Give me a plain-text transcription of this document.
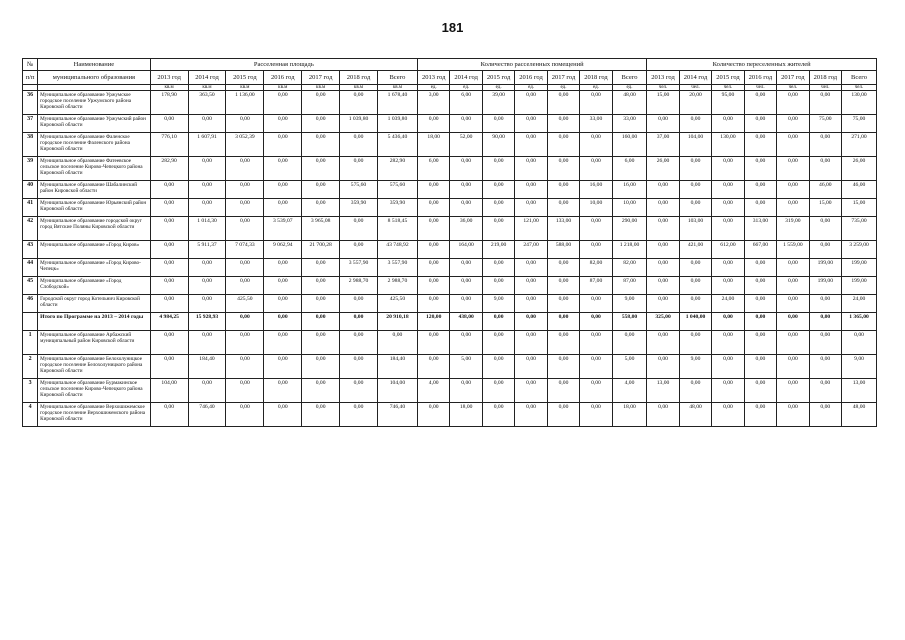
181
№	Наименование	Расселенная площадь							Количество расселенных помещений							Количество переселенных жителей						
п/п	муниципального образования	2013 год	2014 год	2015 год	2016 год	2017 год	2018 год	Всего	2013 год	2014 год	2015 год	2016 год	2017 год	2018 год	Всего	2013 год	2014 год	2015 год	2016 год	2017 год	2018 год	Всего
		кв.м	кв.м	кв.м	кв.м	кв.м	кв.м	кв.м	ед.	ед.	ед.	ед.	ед.	ед.	ед.	чел.	чел.	чел.	чел.	чел.	чел.	чел.
36	Муниципальное образование Уржумское городское поселение Уржумского района Кировской области	178,90	363,50	1 136,00	0,00	0,00	0,00	1 678,40	3,00	6,00	39,00	0,00	0,00	0,00	48,00	15,00	20,00	95,00	0,00	0,00	0,00	130,00
37	Муниципальное образование Уржумский район Кировской области	0,00	0,00	0,00	0,00	0,00	1 039,80	1 039,80	0,00	0,00	0,00	0,00	0,00	33,00	33,00	0,00	0,00	0,00	0,00	0,00	75,00	75,00
38	Муниципальное образование Фаленское городское поселение Фаленского района Кировской области	776,10	1 607,91	3 052,39	0,00	0,00	0,00	5 436,40	18,00	52,00	90,00	0,00	0,00	0,00	160,00	37,00	104,00	130,00	0,00	0,00	0,00	271,00
39	Муниципальное образование Фатеевское сельское поселение Кирово-Чепецкого района Кировской области	282,90	0,00	0,00	0,00	0,00	0,00	282,90	6,00	0,00	0,00	0,00	0,00	0,00	6,00	26,00	0,00	0,00	0,00	0,00	0,00	26,00
40	Муниципальное образование Шабалинский район Кировской области	0,00	0,00	0,00	0,00	0,00	575,60	575,60	0,00	0,00	0,00	0,00	0,00	16,00	16,00	0,00	0,00	0,00	0,00	0,00	46,00	46,00
41	Муниципальное образование Юрьянский район Кировской области	0,00	0,00	0,00	0,00	0,00	359,90	359,90	0,00	0,00	0,00	0,00	0,00	10,00	10,00	0,00	0,00	0,00	0,00	0,00	15,00	15,00
42	Муниципальное образование городской округ город Вятские Поляны Кировской области	0,00	1 014,30	0,00	3 539,07	3 965,08	0,00	8 518,45	0,00	36,00	0,00	121,00	133,00	0,00	290,00	0,00	103,00	0,00	313,00	319,00	0,00	735,00
43	Муниципальное образование «Город Киров»	0,00	5 911,37	7 074,33	9 062,94	21 700,28	0,00	43 748,92	0,00	164,00	219,00	247,00	588,00	0,00	1 218,00	0,00	421,00	612,00	667,00	1 559,00	0,00	3 259,00
44	Муниципальное образование «Город Кирово-Чепецк»	0,00	0,00	0,00	0,00	0,00	3 557,90	3 557,90	0,00	0,00	0,00	0,00	0,00	82,00	82,00	0,00	0,00	0,00	0,00	0,00	199,00	199,00
45	Муниципальное образование «Город Слободской»	0,00	0,00	0,00	0,00	0,00	2 988,70	2 988,70	0,00	0,00	0,00	0,00	0,00	87,00	87,00	0,00	0,00	0,00	0,00	0,00	199,00	199,00
46	Городской округ город Котельнич Кировской области	0,00	0,00	425,50	0,00	0,00	0,00	425,50	0,00	0,00	9,00	0,00	0,00	0,00	9,00	0,00	0,00	24,00	0,00	0,00	0,00	24,00
	Итого по Программе на 2013 – 2014 годы	4 984,25	15 928,93	0,00	0,00	0,00	0,00	20 910,18	120,00	438,00	0,00	0,00	0,00	0,00	558,00	325,00	1 040,00	0,00	0,00	0,00	0,00	1 365,00
1	Муниципальное образование Арбажский муниципальный район Кировской области	0,00	0,00	0,00	0,00	0,00	0,00	0,00	0,00	0,00	0,00	0,00	0,00	0,00	0,00	0,00	0,00	0,00	0,00	0,00	0,00	0,00
2	Муниципальное образование Белохолуницкое городское поселение Белохолуницкого района Кировской области	0,00	184,40	0,00	0,00	0,00	0,00	184,40	0,00	5,00	0,00	0,00	0,00	0,00	5,00	0,00	9,00	0,00	0,00	0,00	0,00	9,00
3	Муниципальное образование Бурмакинское сельское поселение Кирово-Чепецкого района Кировской области	104,00	0,00	0,00	0,00	0,00	0,00	104,00	4,00	0,00	0,00	0,00	0,00	0,00	4,00	13,00	0,00	0,00	0,00	0,00	0,00	13,00
4	Муниципальное образование Верхошижемское городское поселение Верхошижемского района Кировской области	0,00	746,40	0,00	0,00	0,00	0,00	746,40	0,00	18,00	0,00	0,00	0,00	0,00	18,00	0,00	48,00	0,00	0,00	0,00	0,00	48,00
